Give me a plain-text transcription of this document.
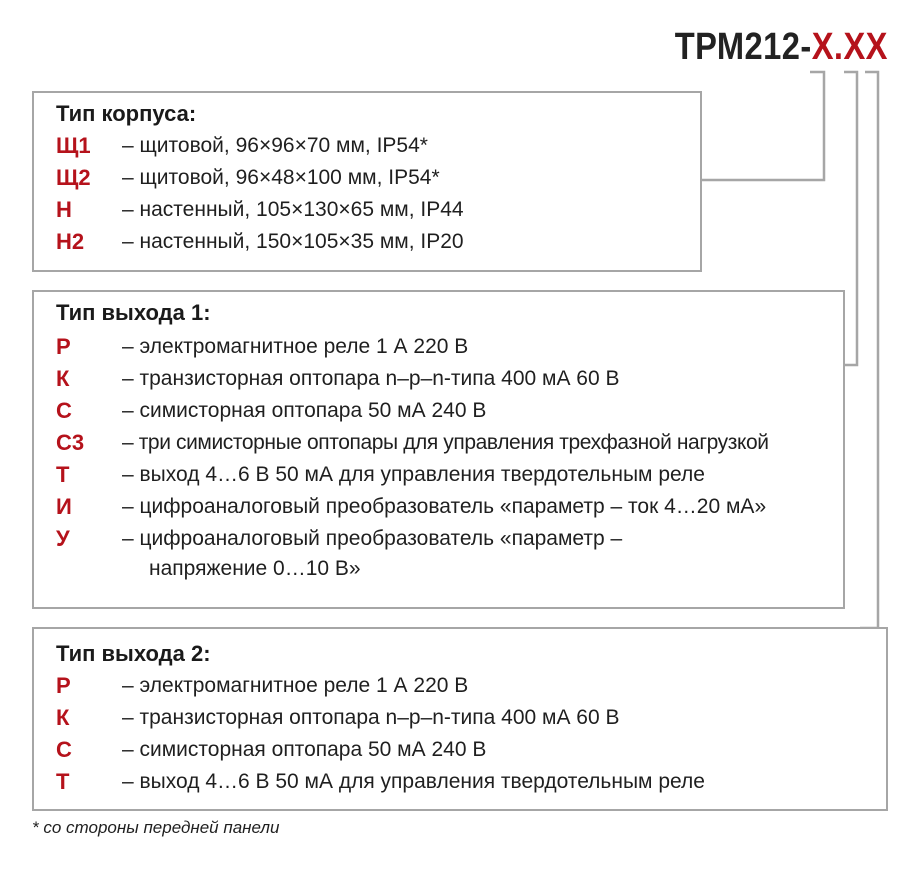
ТРМ212-X.XX
Тип корпуса:
Щ1 – щитовой, 96×96×70 мм, IP54*
Щ2 – щитовой, 96×48×100 мм, IP54*
Н – настенный, 105×130×65 мм, IP44
Н2 – настенный, 150×105×35 мм, IP20
Тип выхода 1:
Р – электромагнитное реле 1 А 220 В
К	– транзисторная оптопара n–p–n-типа 400 мА 60 В
С – симисторная оптопара 50 мА 240 В
С3 – три симисторные оптопары для управления трехфазной нагрузкой
Т	– выход 4…6 В 50 мА для управления твердотельным реле
И – цифроаналоговый преобразователь «параметр – ток 4…20 мА»
У – цифроаналоговый преобразователь «параметр –
напряжение 0…10 В»
Тип выхода 2:
Р – электромагнитное реле 1 А 220 В
К	– транзисторная оптопара n–p–n-типа 400 мА 60 В
С – симисторная оптопара 50 мА 240 В
Т	– выход 4…6 В 50 мА для управления твердотельным реле
* со стороны передней панели
